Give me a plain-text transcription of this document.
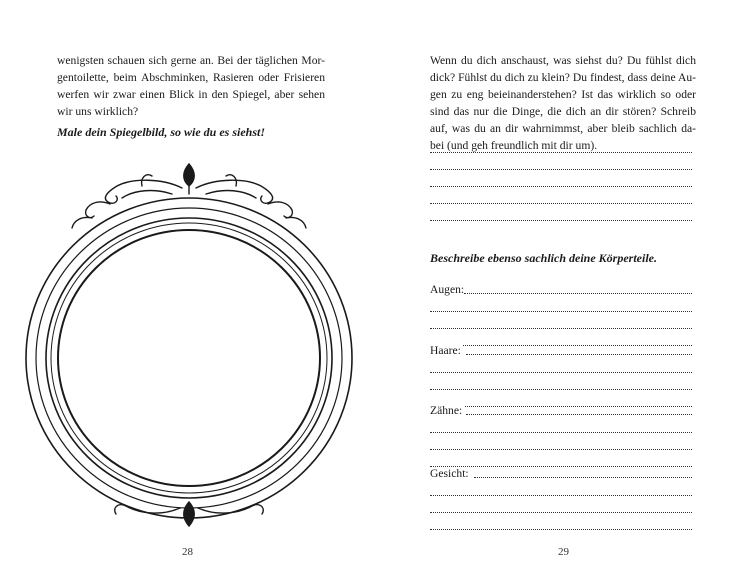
wenigsten schauen sich gerne an. Bei der täglichen Mor-
gentoilette, beim Abschminken, Rasieren oder Frisieren
werfen wir zwar einen Blick in den Spiegel, aber sehen
wir uns wirklich?
Male dein Spiegelbild, so wie du es siehst!
28
Wenn du dich anschaust, was siehst du? Du fühlst dich
dick? Fühlst du dich zu klein? Du findest, dass deine Au-
gen zu eng beieinanderstehen? Ist das wirklich so oder
sind das nur die Dinge, die dich an dir stören? Schreib
auf, was du an dir wahrnimmst, aber bleib sachlich da-
bei (und geh freundlich mit dir um).
Beschreibe ebenso sachlich deine Körperteile.
29
Augen:
Haare:
Zähne:
Gesicht:
